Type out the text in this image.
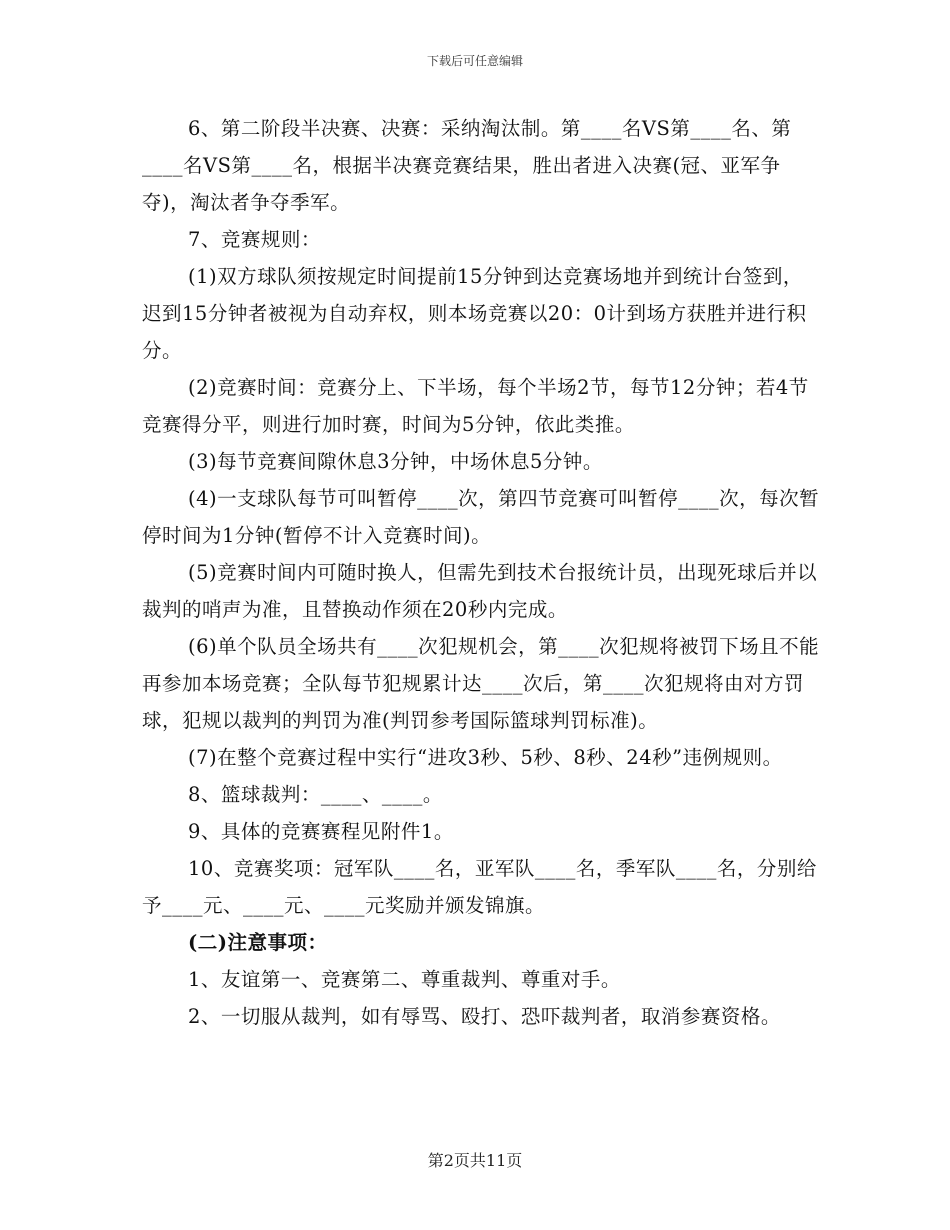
下载后可任意编辑

6、第二阶段半决赛、决赛：采纳淘汰制。第____名VS第____名、第____名VS第____名，根据半决赛竞赛结果，胜出者进入决赛(冠、亚军争夺)，淘汰者争夺季军。

7、竞赛规则：

(1)双方球队须按规定时间提前15分钟到达竞赛场地并到统计台签到，迟到15分钟者被视为自动弃权，则本场竞赛以20：0计到场方获胜并进行积分。

(2)竞赛时间：竞赛分上、下半场，每个半场2节，每节12分钟；若4节竞赛得分平，则进行加时赛，时间为5分钟，依此类推。

(3)每节竞赛间隙休息3分钟，中场休息5分钟。

(4)一支球队每节可叫暂停____次，第四节竞赛可叫暂停____次，每次暂停时间为1分钟(暂停不计入竞赛时间)。

(5)竞赛时间内可随时换人，但需先到技术台报统计员，出现死球后并以裁判的哨声为准，且替换动作须在20秒内完成。

(6)单个队员全场共有____次犯规机会，第____次犯规将被罚下场且不能再参加本场竞赛；全队每节犯规累计达____次后，第____次犯规将由对方罚球，犯规以裁判的判罚为准(判罚参考国际篮球判罚标准)。

(7)在整个竞赛过程中实行“进攻3秒、5秒、8秒、24秒”违例规则。

8、篮球裁判：____、____。

9、具体的竞赛赛程见附件1。

10、竞赛奖项：冠军队____名，亚军队____名，季军队____名，分别给予____元、____元、____元奖励并颁发锦旗。

(二)注意事项：

1、友谊第一、竞赛第二、尊重裁判、尊重对手。

2、一切服从裁判，如有辱骂、殴打、恐吓裁判者，取消参赛资格。

第2页共11页
